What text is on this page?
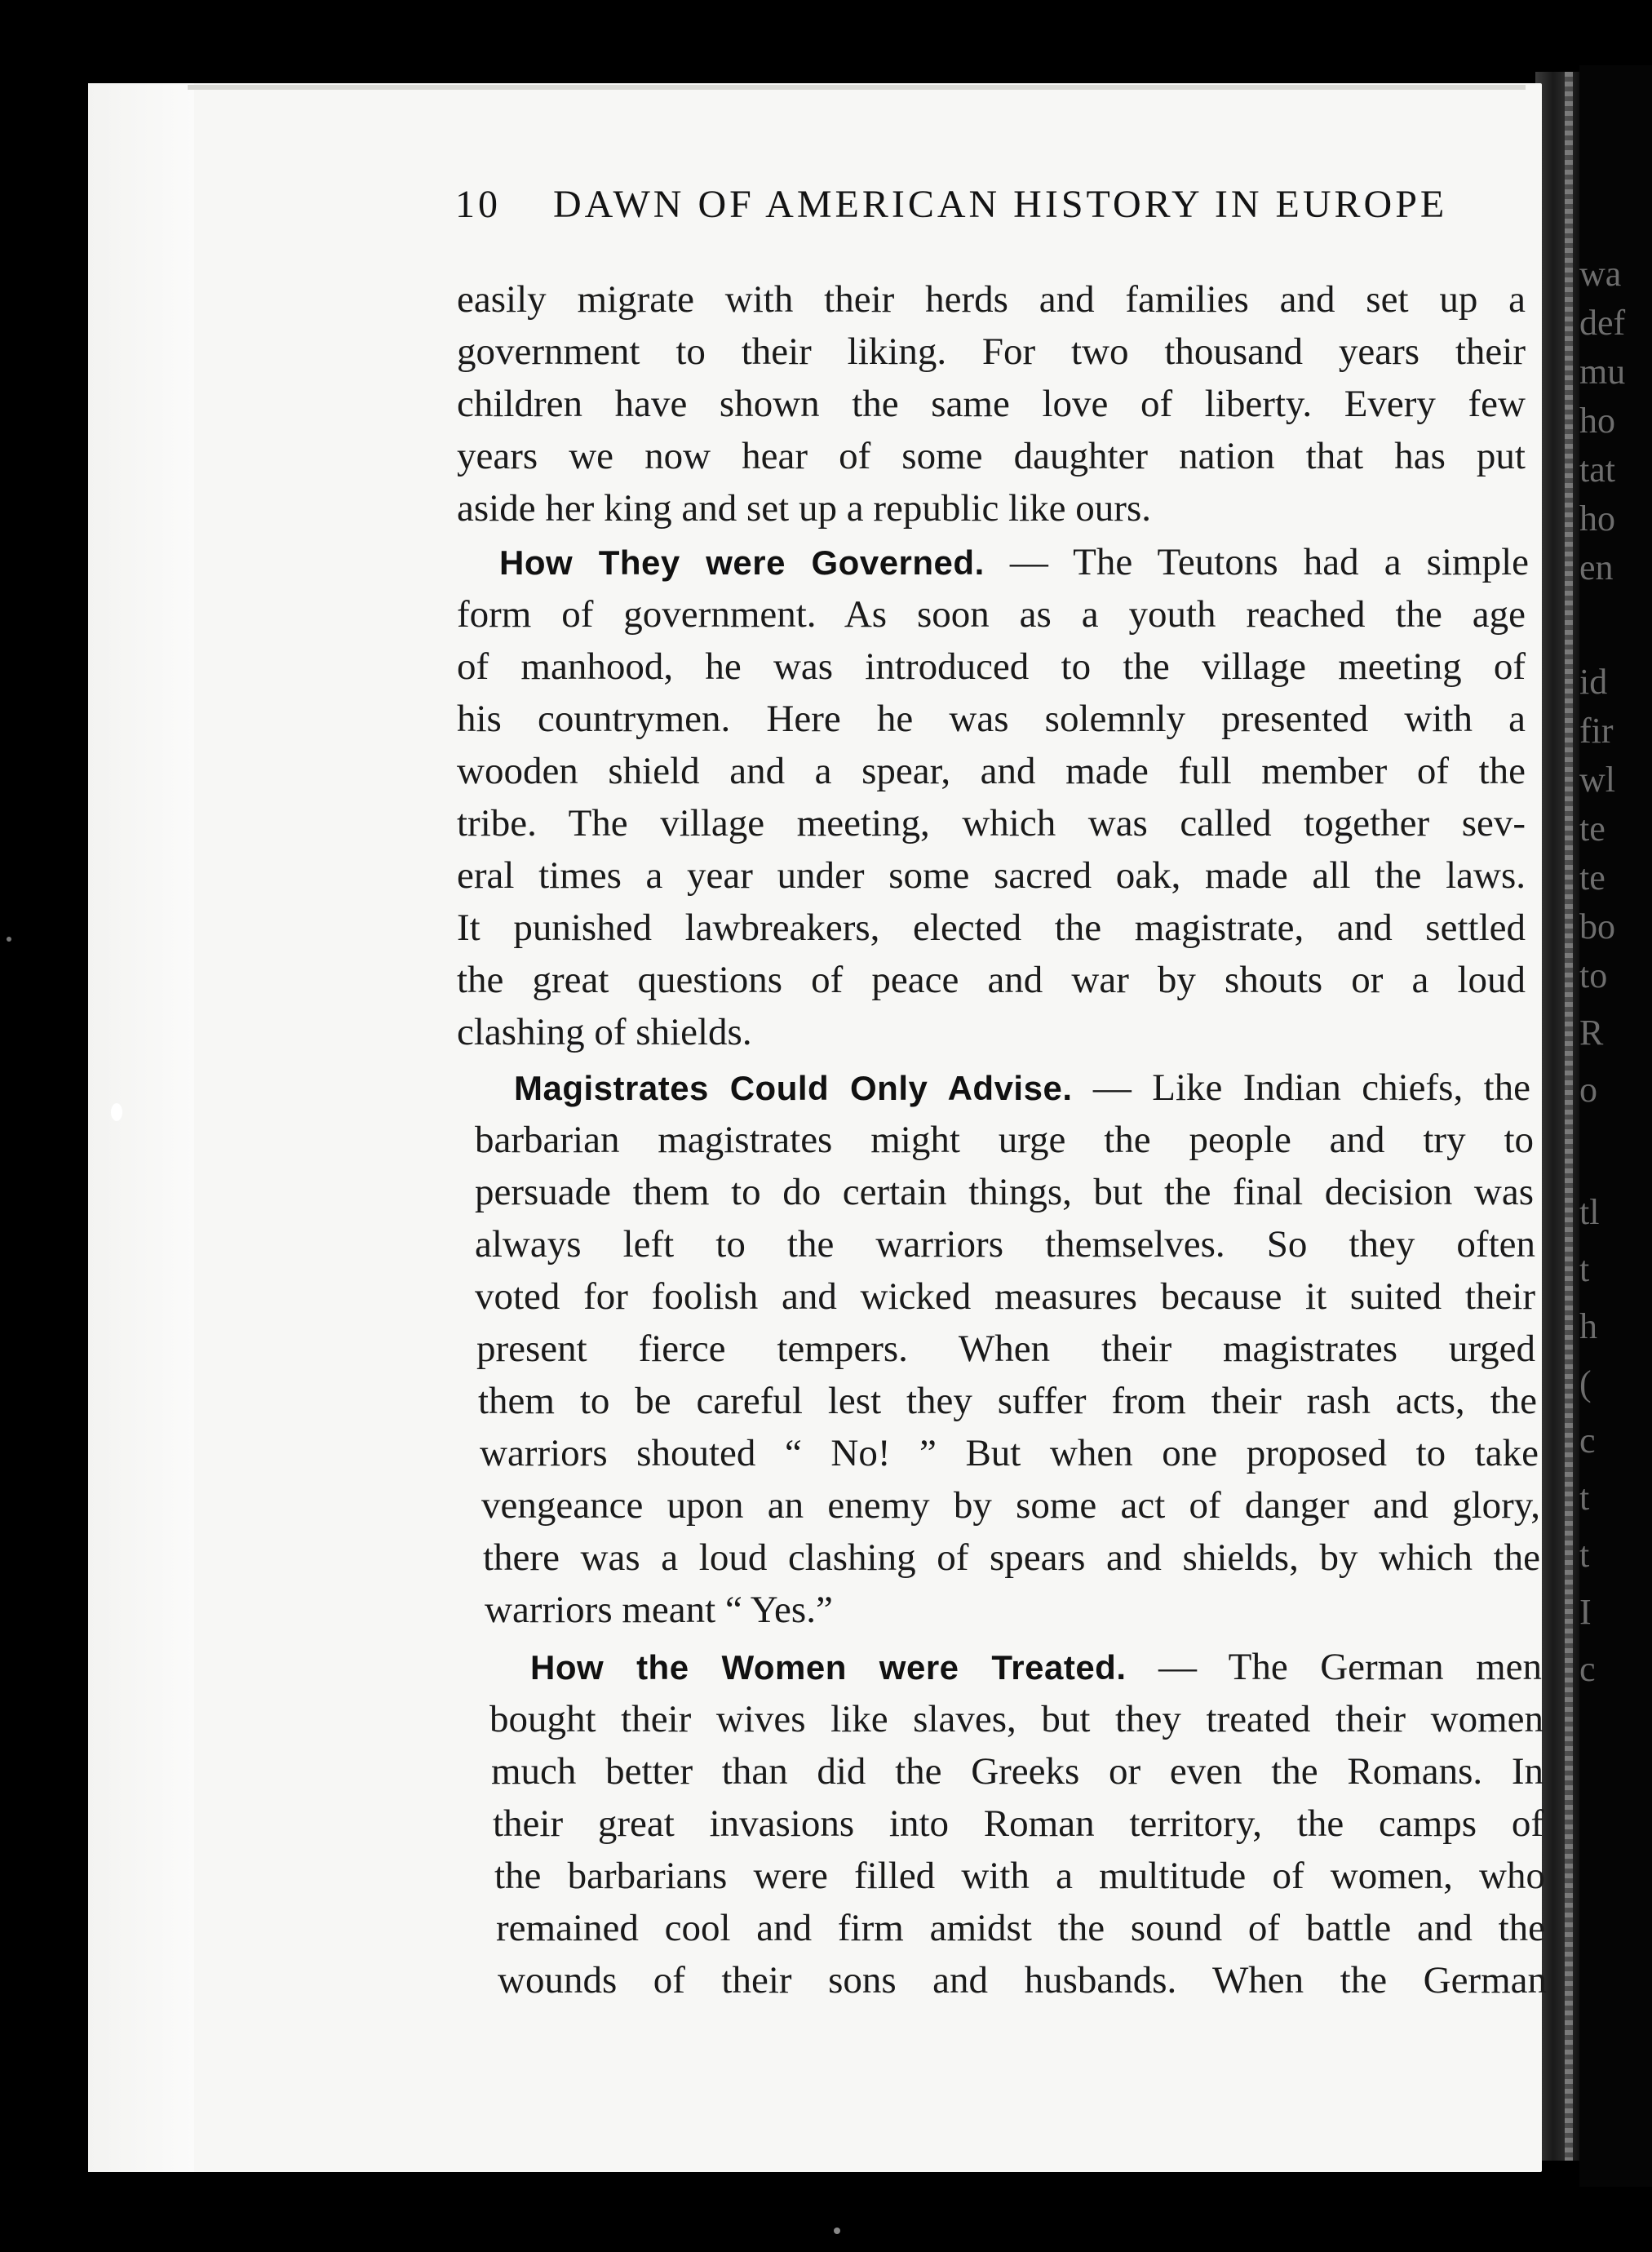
wa
def
mu
ho
tat
ho
en
id
fir
wl
te
te
bo
to
R
o
tl
t
h
(
c
t
t
I
c
10 DAWN OF AMERICAN HISTORY IN EUROPE
easily migrate with their herds and families and set up a
government to their liking. For two thousand years their
children have shown the same love of liberty. Every few
years we now hear of some daughter nation that has put
aside her king and set up a republic like ours.
How They were Governed. — The Teutons had a simple
form of government. As soon as a youth reached the age
of manhood, he was introduced to the village meeting of
his countrymen. Here he was solemnly presented with a
wooden shield and a spear, and made full member of the
tribe. The village meeting, which was called together sev-
eral times a year under some sacred oak, made all the laws.
It punished lawbreakers, elected the magistrate, and settled
the great questions of peace and war by shouts or a loud
clashing of shields.
Magistrates Could Only Advise. — Like Indian chiefs, the
barbarian magistrates might urge the people and try to
persuade them to do certain things, but the final decision was
always left to the warriors themselves. So they often
voted for foolish and wicked measures because it suited their
present fierce tempers. When their magistrates urged
them to be careful lest they suffer from their rash acts, the
warriors shouted “ No! ” But when one proposed to take
vengeance upon an enemy by some act of danger and glory,
there was a loud clashing of spears and shields, by which the
warriors meant “ Yes.”
How the Women were Treated. — The German men
bought their wives like slaves, but they treated their women
much better than did the Greeks or even the Romans. In
their great invasions into Roman territory, the camps of
the barbarians were filled with a multitude of women, who
remained cool and firm amidst the sound of battle and the
wounds of their sons and husbands. When the German
